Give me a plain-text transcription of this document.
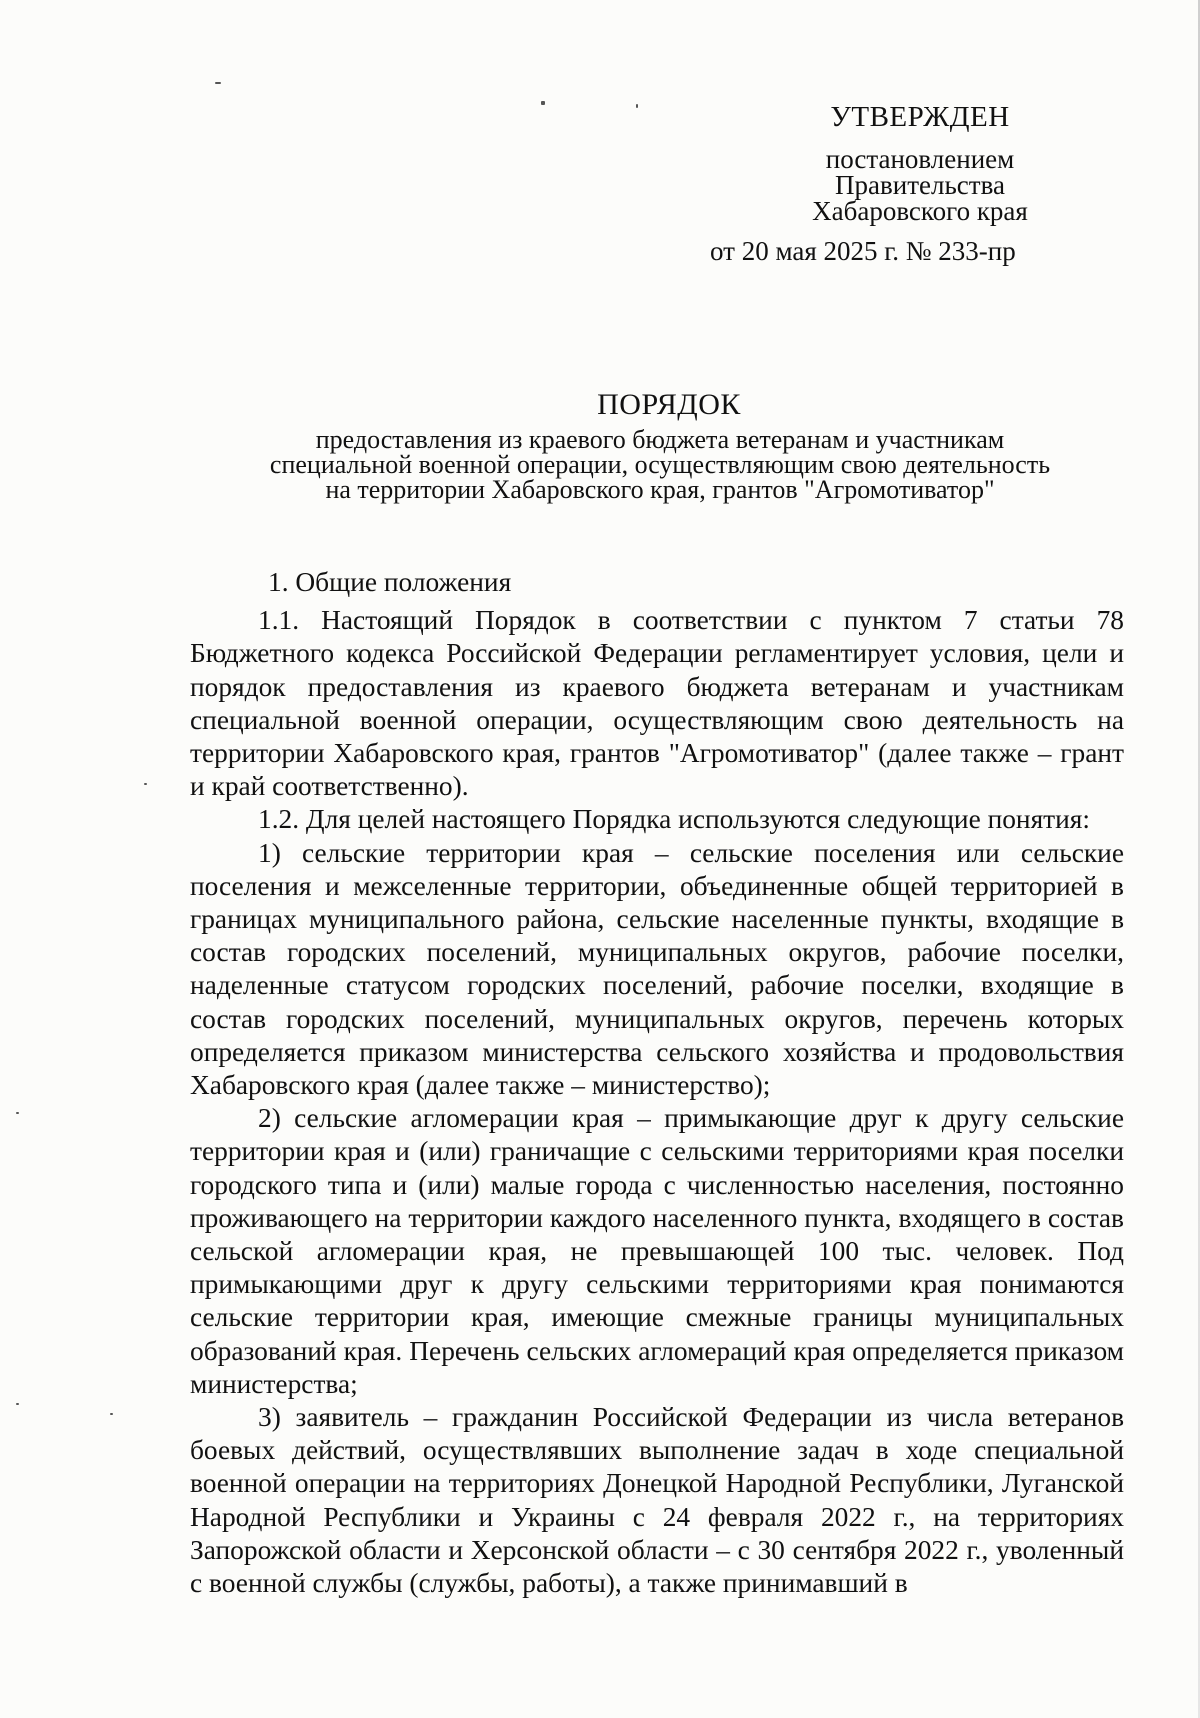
УТВЕРЖДЕН
постановлением
Правительства
Хабаровского края
от 20 мая 2025 г. № 233-пр
ПОРЯДОК
предоставления из краевого бюджета ветеранам и участникам
специальной военной операции, осуществляющим свою деятельность
на территории Хабаровского края, грантов "Агромотиватор"
1. Общие положения

1.1. Настоящий Порядок в соответствии с пунктом 7 статьи 78 Бюджетного кодекса Российской Федерации регламентирует условия, цели и порядок предоставления из краевого бюджета ветеранам и участникам специальной военной операции, осуществляющим свою деятельность на территории Хабаровского края, грантов "Агромотиватор" (далее также – грант и край соответственно).

1.2. Для целей настоящего Порядка используются следующие понятия:

1) сельские территории края – сельские поселения или сельские поселения и межселенные территории, объединенные общей территорией в границах муниципального района, сельские населенные пункты, входящие в состав городских поселений, муниципальных округов, рабочие поселки, наделенные статусом городских поселений, рабочие поселки, входящие в состав городских поселений, муниципальных округов, перечень которых определяется приказом министерства сельского хозяйства и продовольствия Хабаровского края (далее также – министерство);

2) сельские агломерации края – примыкающие друг к другу сельские территории края и (или) граничащие с сельскими территориями края поселки городского типа и (или) малые города с численностью населения, постоянно проживающего на территории каждого населенного пункта, входящего в состав сельской агломерации края, не превышающей 100 тыс. человек. Под примыкающими друг к другу сельскими территориями края понимаются сельские территории края, имеющие смежные границы муниципальных образований края. Перечень сельских агломераций края определяется приказом министерства;

3) заявитель – гражданин Российской Федерации из числа ветеранов боевых действий, осуществлявших выполнение задач в ходе специальной военной операции на территориях Донецкой Народной Республики, Луганской Народной Республики и Украины с 24 февраля 2022 г., на территориях Запорожской области и Херсонской области – с 30 сентября 2022 г., уволенный с военной службы (службы, работы), а также принимавший в
